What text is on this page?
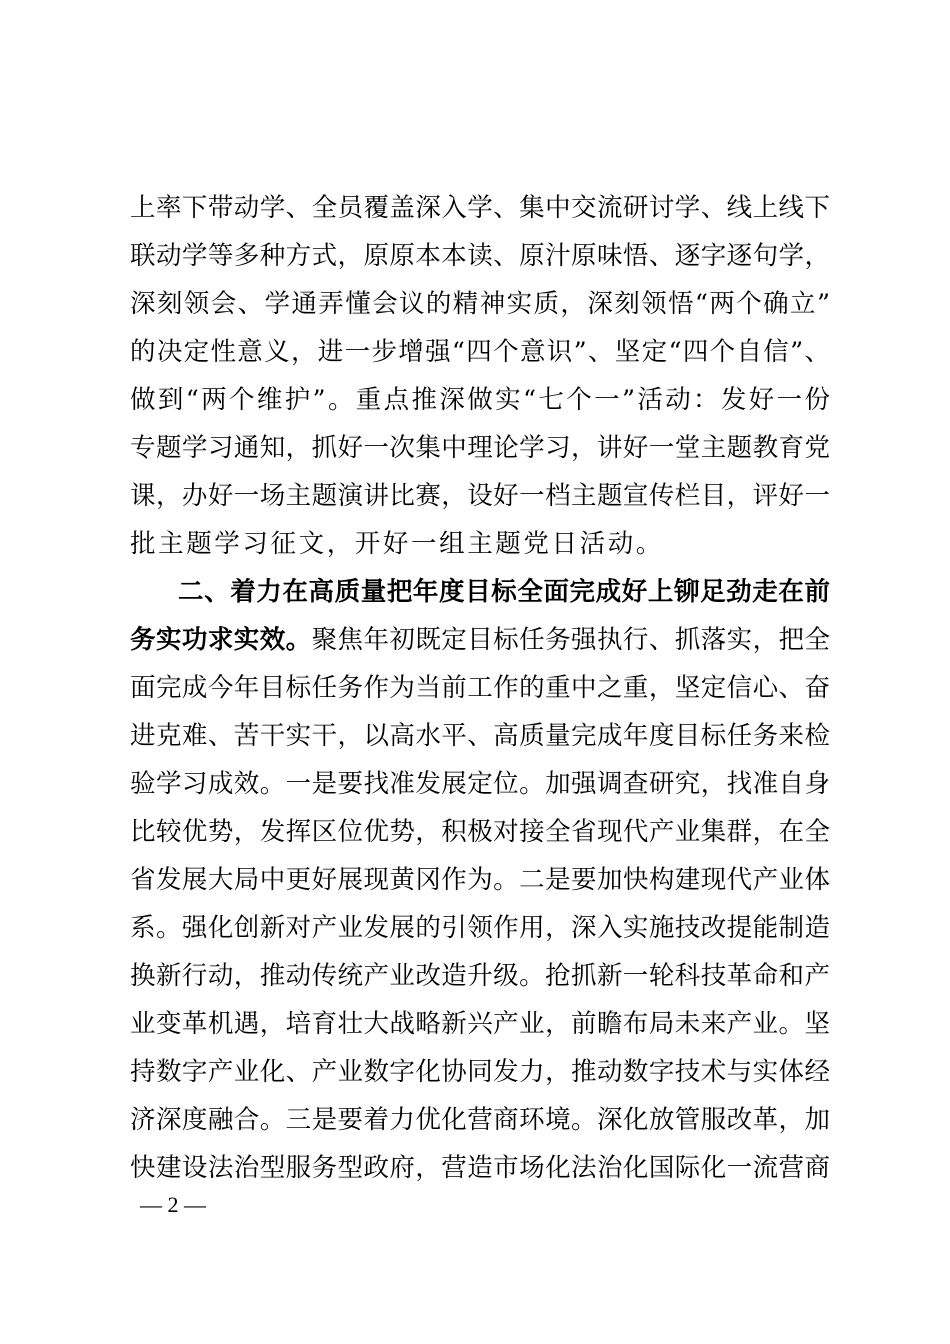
上率下带动学、全员覆盖深入学、集中交流研讨学、线上线下
联动学等多种方式，原原本本读、原汁原味悟、逐字逐句学，
深刻领会、学通弄懂会议的精神实质，深刻领悟“两个确立”
的决定性意义，进一步增强“四个意识”、坚定“四个自信”、
做到“两个维护”。重点推深做实“七个一”活动：发好一份
专题学习通知，抓好一次集中理论学习，讲好一堂主题教育党
课，办好一场主题演讲比赛，设好一档主题宣传栏目，评好一
批主题学习征文，开好一组主题党日活动。
二、着力在高质量把年度目标全面完成好上铆足劲走在前
务实功求实效。聚焦年初既定目标任务强执行、抓落实，把全
面完成今年目标任务作为当前工作的重中之重，坚定信心、奋
进克难、苦干实干，以高水平、高质量完成年度目标任务来检
验学习成效。一是要找准发展定位。加强调查研究，找准自身
比较优势，发挥区位优势，积极对接全省现代产业集群，在全
省发展大局中更好展现黄冈作为。二是要加快构建现代产业体
系。强化创新对产业发展的引领作用，深入实施技改提能制造
换新行动，推动传统产业改造升级。抢抓新一轮科技革命和产
业变革机遇，培育壮大战略新兴产业，前瞻布局未来产业。坚
持数字产业化、产业数字化协同发力，推动数字技术与实体经
济深度融合。三是要着力优化营商环境。深化放管服改革，加
快建设法治型服务型政府，营造市场化法治化国际化一流营商
— 2 —
